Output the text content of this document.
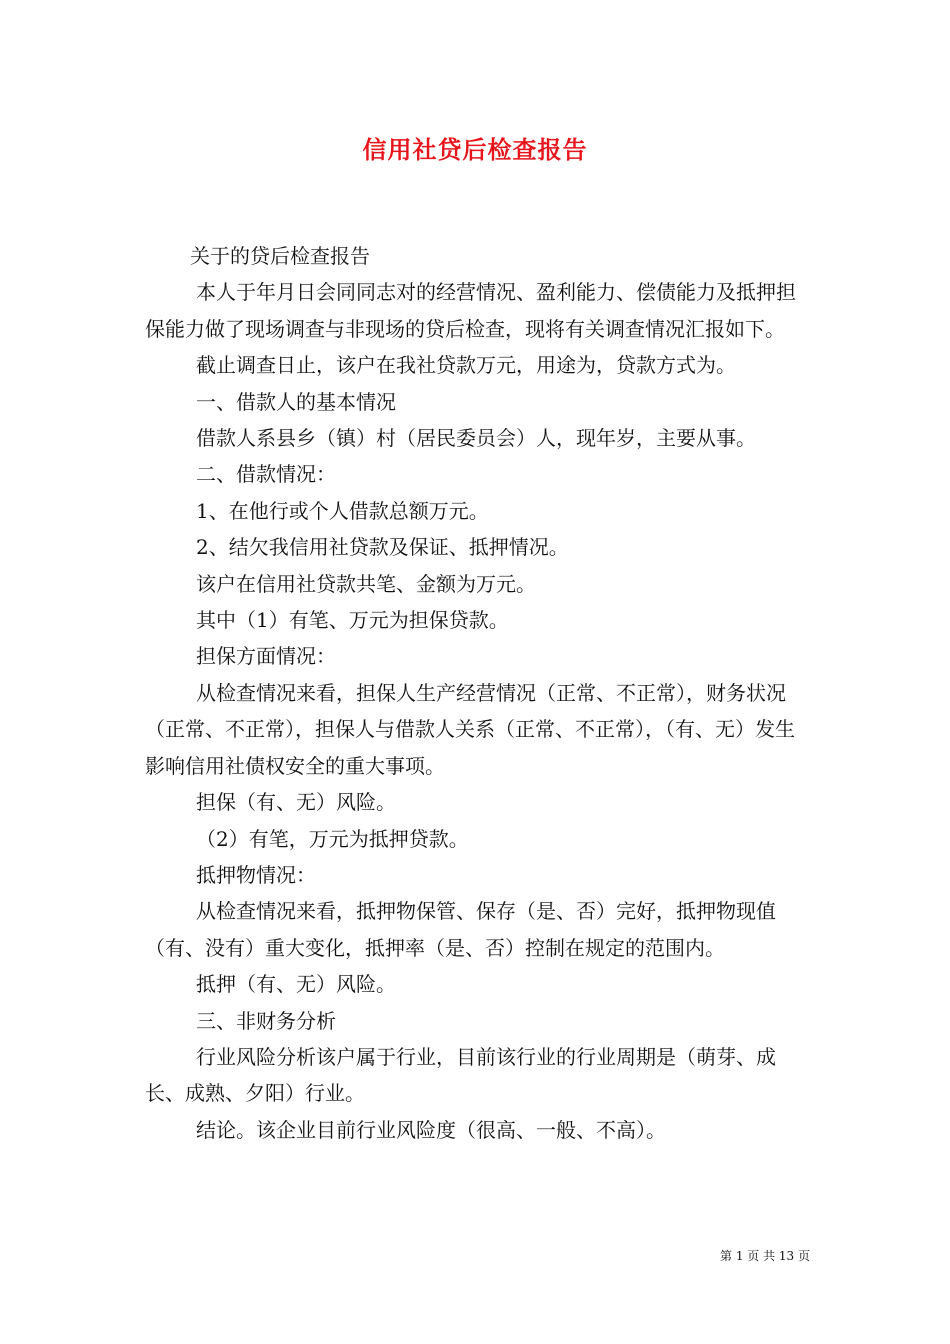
信用社贷后检查报告

关于的贷后检查报告

本人于年月日会同同志对的经营情况、盈利能力、偿债能力及抵押担保能力做了现场调查与非现场的贷后检查，现将有关调查情况汇报如下。

截止调查日止，该户在我社贷款万元，用途为，贷款方式为。

一、借款人的基本情况

借款人系县乡（镇）村（居民委员会）人，现年岁，主要从事。

二、借款情况：

1、在他行或个人借款总额万元。

2、结欠我信用社贷款及保证、抵押情况。

该户在信用社贷款共笔、金额为万元。

其中（1）有笔、万元为担保贷款。

担保方面情况：

从检查情况来看，担保人生产经营情况（正常、不正常），财务状况（正常、不正常），担保人与借款人关系（正常、不正常），（有、无）发生影响信用社债权安全的重大事项。

担保（有、无）风险。

（2）有笔，万元为抵押贷款。

抵押物情况：

从检查情况来看，抵押物保管、保存（是、否）完好，抵押物现值（有、没有）重大变化，抵押率（是、否）控制在规定的范围内。

抵押（有、无）风险。

三、非财务分析

行业风险分析该户属于行业，目前该行业的行业周期是（萌芽、成长、成熟、夕阳）行业。

结论。该企业目前行业风险度（很高、一般、不高）。

第 1 页 共 13 页
